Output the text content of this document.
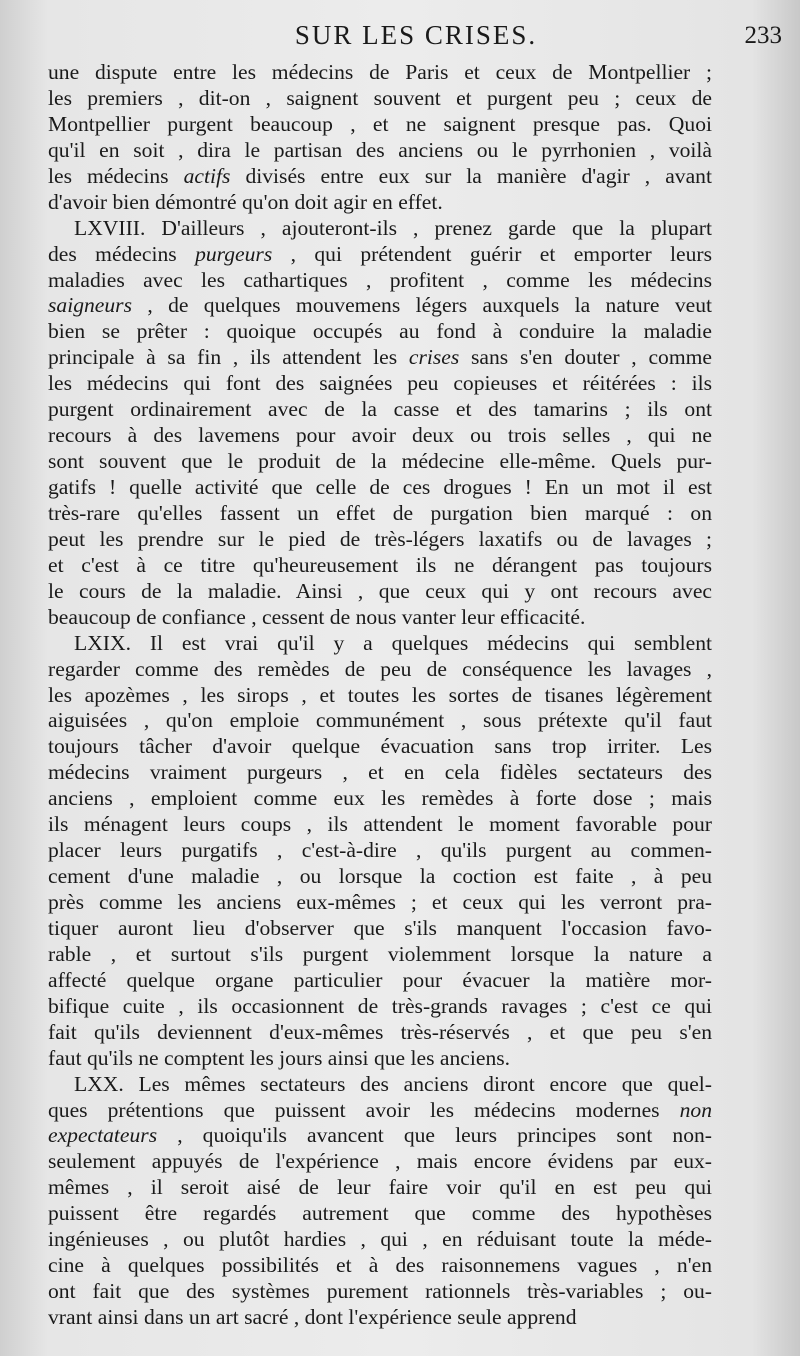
SUR LES CRISES.	233
une dispute entre les médecins de Paris et ceux de Montpellier ;
les premiers , dit-on , saignent souvent et purgent peu ; ceux de
Montpellier purgent beaucoup , et ne saignent presque pas. Quoi
qu'il en soit , dira le partisan des anciens ou le pyrrhonien , voilà
les médecins actifs divisés entre eux sur la manière d'agir , avant
d'avoir bien démontré qu'on doit agir en effet.
LXVIII. D'ailleurs , ajouteront-ils , prenez garde que la plupart
des médecins purgeurs , qui prétendent guérir et emporter leurs
maladies avec les cathartiques , profitent , comme les médecins
saigneurs , de quelques mouvemens légers auxquels la nature veut
bien se prêter : quoique occupés au fond à conduire la maladie
principale à sa fin , ils attendent les crises sans s'en douter , comme
les médecins qui font des saignées peu copieuses et réitérées : ils
purgent ordinairement avec de la casse et des tamarins ; ils ont
recours à des lavemens pour avoir deux ou trois selles , qui ne
sont souvent que le produit de la médecine elle-même. Quels pur-
gatifs ! quelle activité que celle de ces drogues ! En un mot il est
très-rare qu'elles fassent un effet de purgation bien marqué : on
peut les prendre sur le pied de très-légers laxatifs ou de lavages ;
et c'est à ce titre qu'heureusement ils ne dérangent pas toujours
le cours de la maladie. Ainsi , que ceux qui y ont recours avec
beaucoup de confiance , cessent de nous vanter leur efficacité.
LXIX. Il est vrai qu'il y a quelques médecins qui semblent
regarder comme des remèdes de peu de conséquence les lavages ,
les apozèmes , les sirops , et toutes les sortes de tisanes légèrement
aiguisées , qu'on emploie communément , sous prétexte qu'il faut
toujours tâcher d'avoir quelque évacuation sans trop irriter. Les
médecins vraiment purgeurs , et en cela fidèles sectateurs des
anciens , emploient comme eux les remèdes à forte dose ; mais
ils ménagent leurs coups , ils attendent le moment favorable pour
placer leurs purgatifs , c'est-à-dire , qu'ils purgent au commen-
cement d'une maladie , ou lorsque la coction est faite , à peu
près comme les anciens eux-mêmes ; et ceux qui les verront pra-
tiquer auront lieu d'observer que s'ils manquent l'occasion favo-
rable , et surtout s'ils purgent violemment lorsque la nature a
affecté quelque organe particulier pour évacuer la matière mor-
bifique cuite , ils occasionnent de très-grands ravages ; c'est ce qui
fait qu'ils deviennent d'eux-mêmes très-réservés , et que peu s'en
faut qu'ils ne comptent les jours ainsi que les anciens.
LXX. Les mêmes sectateurs des anciens diront encore que quel-
ques prétentions que puissent avoir les médecins modernes non
expectateurs , quoiqu'ils avancent que leurs principes sont non-
seulement appuyés de l'expérience , mais encore évidens par eux-
mêmes , il seroit aisé de leur faire voir qu'il en est peu qui
puissent être regardés autrement que comme des hypothèses
ingénieuses , ou plutôt hardies , qui , en réduisant toute la méde-
cine à quelques possibilités et à des raisonnemens vagues , n'en
ont fait que des systèmes purement rationnels très-variables ; ou-
vrant ainsi dans un art sacré , dont l'expérience seule apprend
